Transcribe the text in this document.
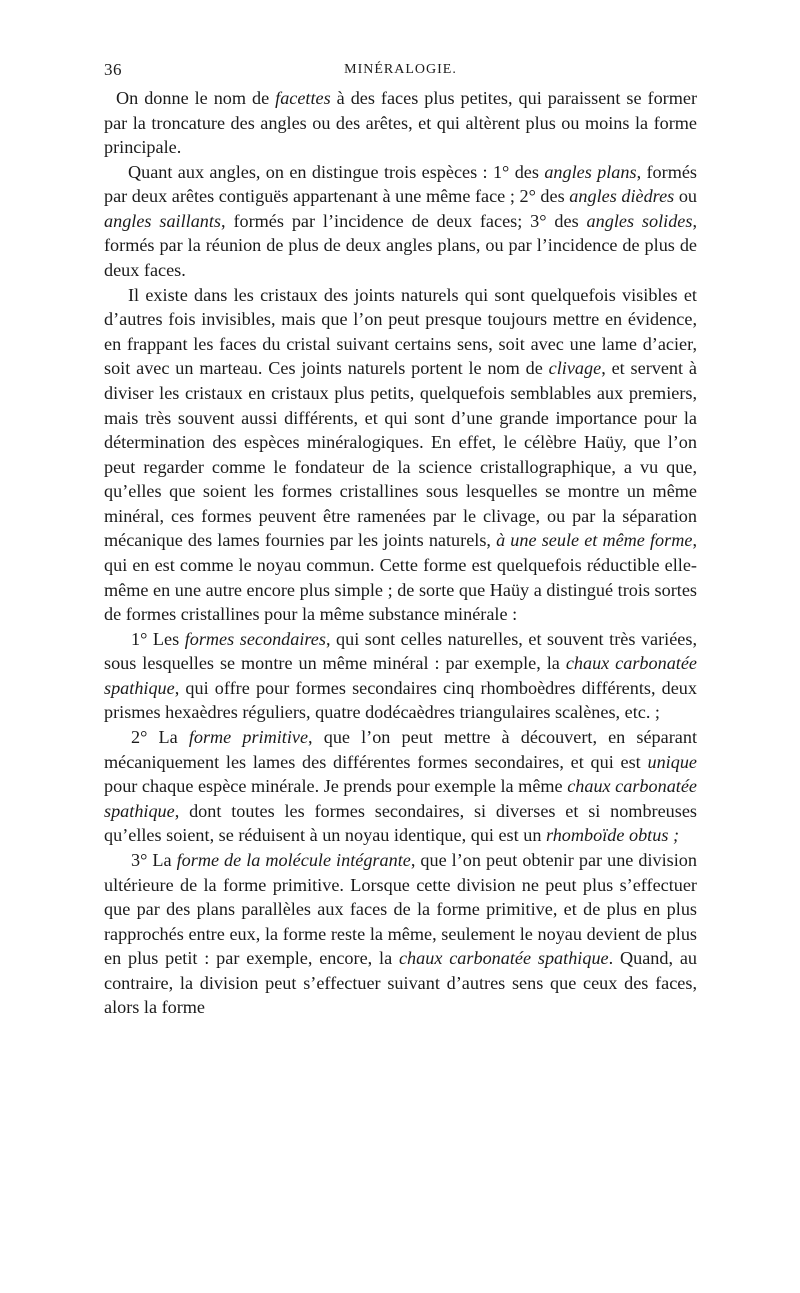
36	MINÉRALOGIE.

On donne le nom de facettes à des faces plus petites, qui paraissent se former par la troncature des angles ou des arêtes, et qui altèrent plus ou moins la forme principale.

Quant aux angles, on en distingue trois espèces : 1° des angles plans, formés par deux arêtes contiguës appartenant à une même face ; 2° des angles dièdres ou angles saillants, formés par l’incidence de deux faces; 3° des angles solides, formés par la réunion de plus de deux angles plans, ou par l’incidence de plus de deux faces.

Il existe dans les cristaux des joints naturels qui sont quelquefois visibles et d’autres fois invisibles, mais que l’on peut presque toujours mettre en évidence, en frappant les faces du cristal suivant certains sens, soit avec une lame d’acier, soit avec un marteau. Ces joints naturels portent le nom de clivage, et servent à diviser les cristaux en cristaux plus petits, quelquefois semblables aux premiers, mais très souvent aussi différents, et qui sont d’une grande importance pour la détermination des espèces minéralogiques. En effet, le célèbre Haüy, que l’on peut regarder comme le fondateur de la science cristallographique, a vu que, qu’elles que soient les formes cristallines sous lesquelles se montre un même minéral, ces formes peuvent être ramenées par le clivage, ou par la séparation mécanique des lames fournies par les joints naturels, à une seule et même forme, qui en est comme le noyau commun. Cette forme est quelquefois réductible elle-même en une autre encore plus simple ; de sorte que Haüy a distingué trois sortes de formes cristallines pour la même substance minérale :

1° Les formes secondaires, qui sont celles naturelles, et souvent très variées, sous lesquelles se montre un même minéral : par exemple, la chaux carbonatée spathique, qui offre pour formes secondaires cinq rhomboèdres différents, deux prismes hexaèdres réguliers, quatre dodécaèdres triangulaires scalènes, etc. ;

2° La forme primitive, que l’on peut mettre à découvert, en séparant mécaniquement les lames des différentes formes secondaires, et qui est unique pour chaque espèce minérale. Je prends pour exemple la même chaux carbonatée spathique, dont toutes les formes secondaires, si diverses et si nombreuses qu’elles soient, se réduisent à un noyau identique, qui est un rhomboïde obtus ;

3° La forme de la molécule intégrante, que l’on peut obtenir par une division ultérieure de la forme primitive. Lorsque cette division ne peut plus s’effectuer que par des plans parallèles aux faces de la forme primitive, et de plus en plus rapprochés entre eux, la forme reste la même, seulement le noyau devient de plus en plus petit : par exemple, encore, la chaux carbonatée spathique. Quand, au contraire, la division peut s’effectuer suivant d’autres sens que ceux des faces, alors la forme
